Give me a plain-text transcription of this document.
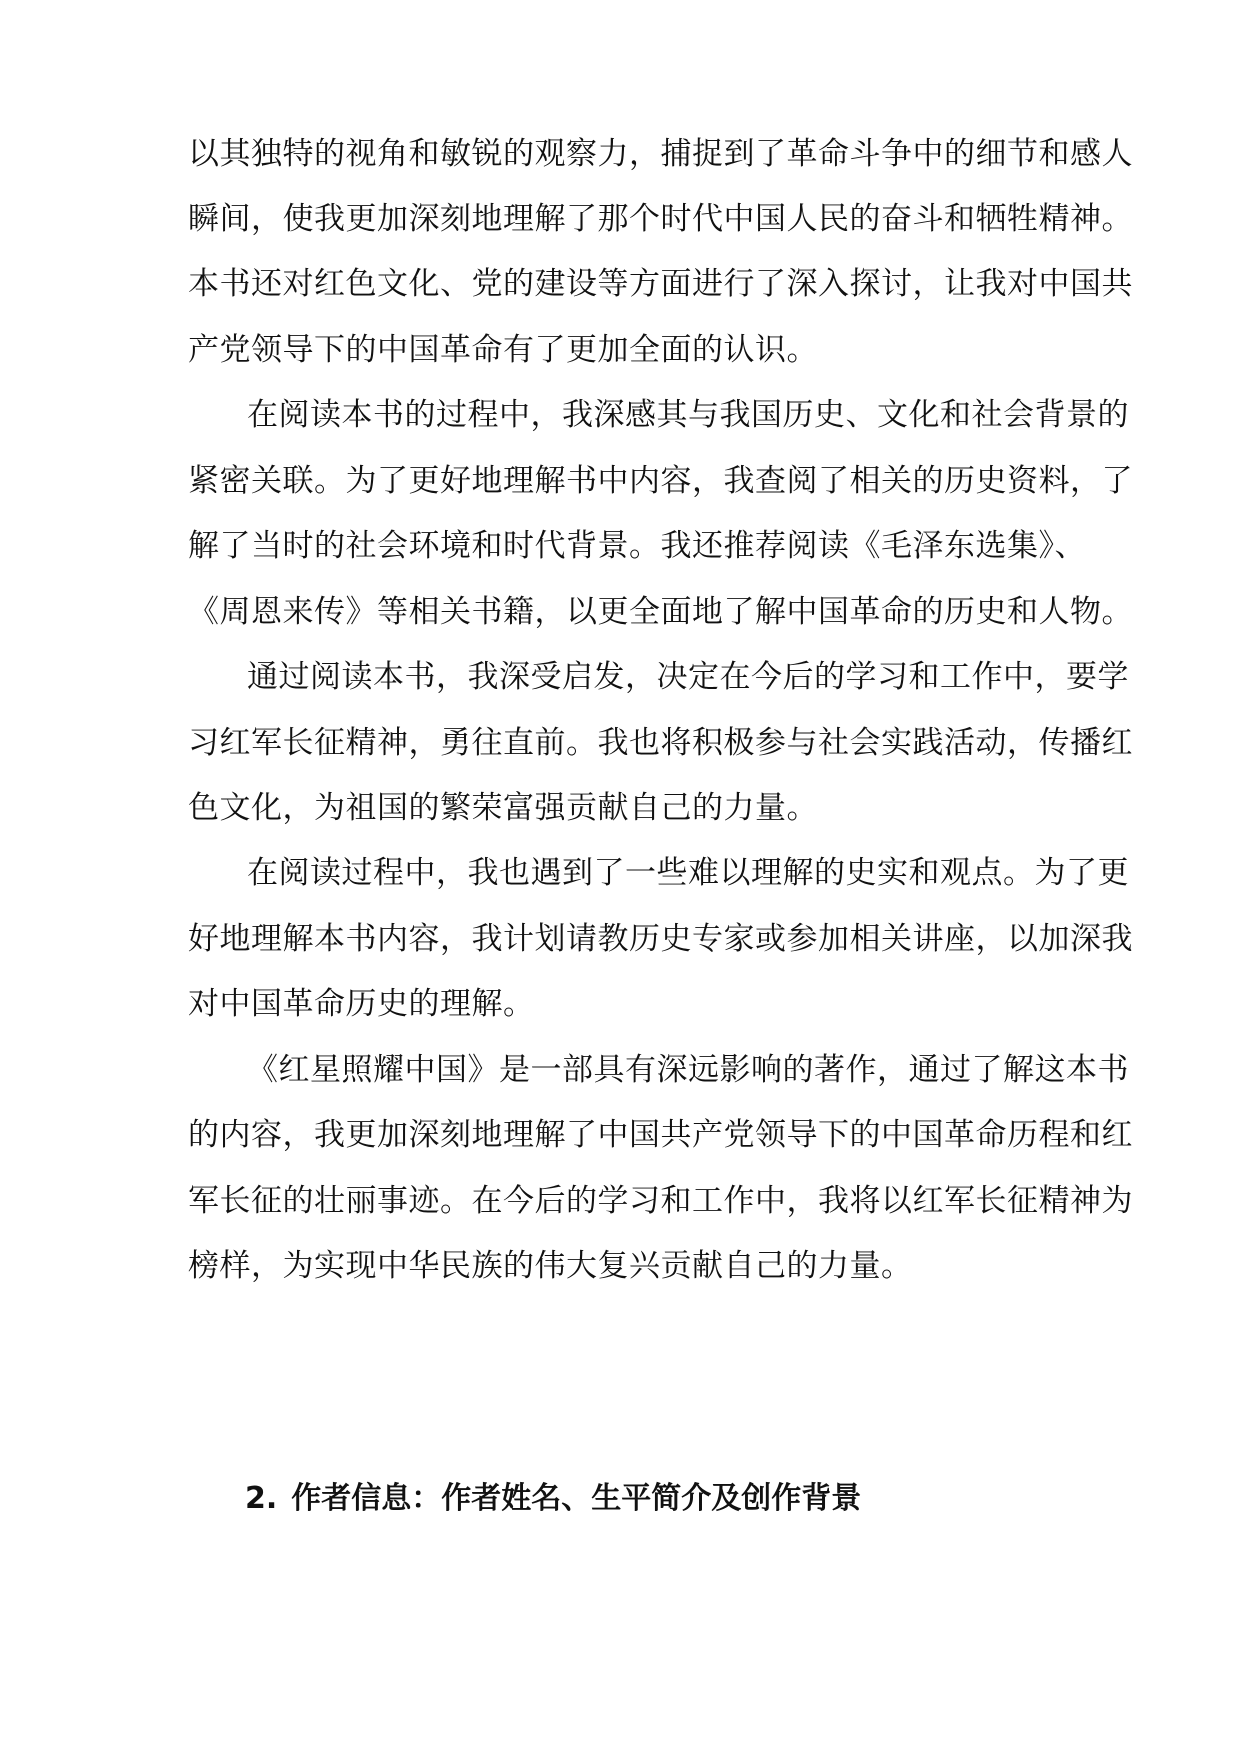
以其独特的视角和敏锐的观察力，捕捉到了革命斗争中的细节和感人
瞬间，使我更加深刻地理解了那个时代中国人民的奋斗和牺牲精神。
本书还对红色文化、党的建设等方面进行了深入探讨，让我对中国共
产党领导下的中国革命有了更加全面的认识。
在阅读本书的过程中，我深感其与我国历史、文化和社会背景的
紧密关联。为了更好地理解书中内容，我查阅了相关的历史资料，了
解了当时的社会环境和时代背景。我还推荐阅读《毛泽东选集》、
《周恩来传》等相关书籍，以更全面地了解中国革命的历史和人物。
通过阅读本书，我深受启发，决定在今后的学习和工作中，要学
习红军长征精神，勇往直前。我也将积极参与社会实践活动，传播红
色文化，为祖国的繁荣富强贡献自己的力量。
在阅读过程中，我也遇到了一些难以理解的史实和观点。为了更
好地理解本书内容，我计划请教历史专家或参加相关讲座，以加深我
对中国革命历史的理解。
《红星照耀中国》是一部具有深远影响的著作，通过了解这本书
的内容，我更加深刻地理解了中国共产党领导下的中国革命历程和红
军长征的壮丽事迹。在今后的学习和工作中，我将以红军长征精神为
榜样，为实现中华民族的伟大复兴贡献自己的力量。
2. 作者信息：作者姓名、生平简介及创作背景
